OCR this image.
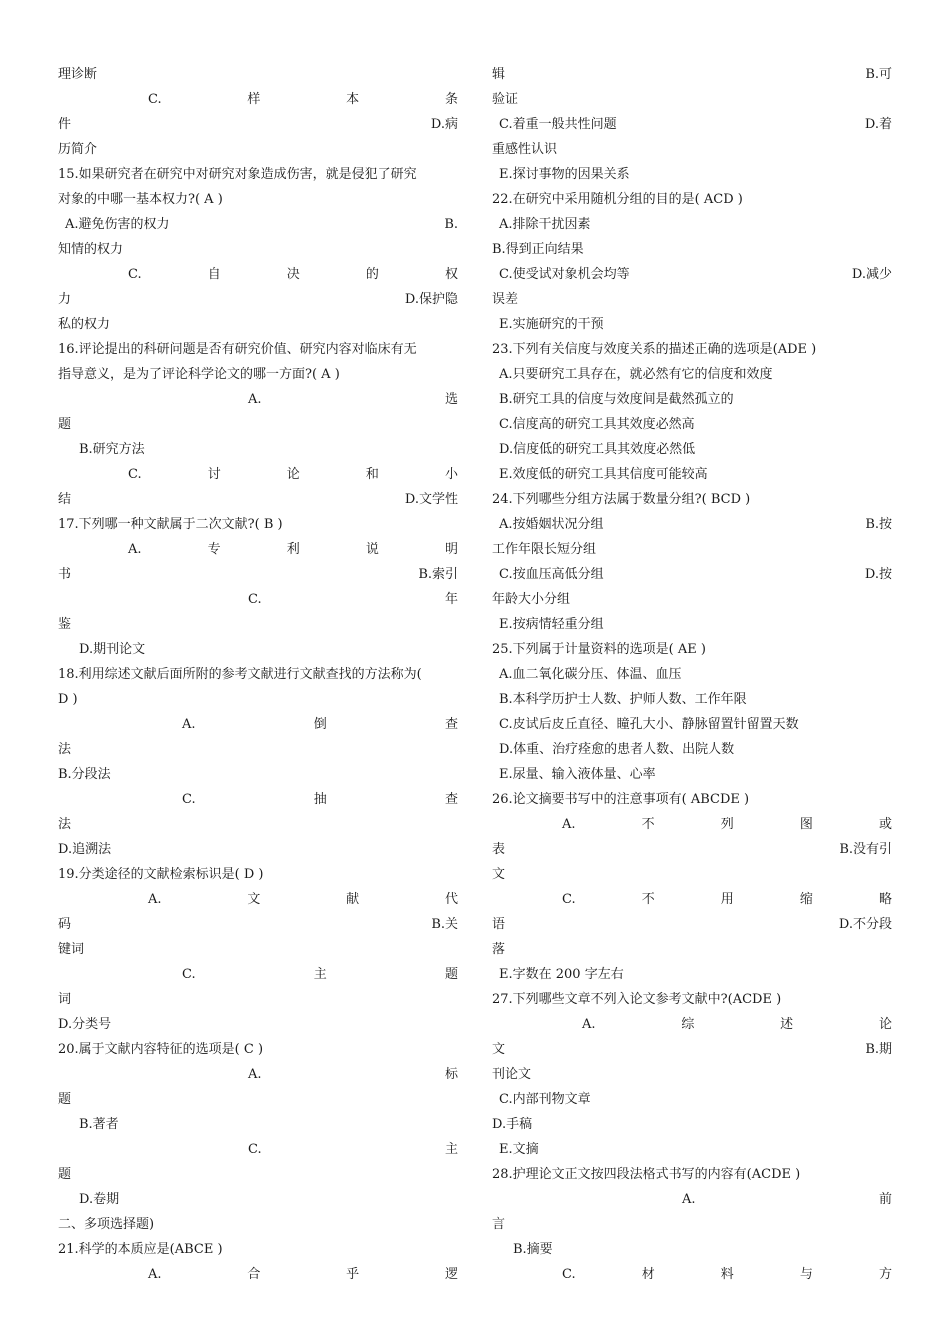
理诊断
C.	样	本	条
件	D.病
历简介
15.如果研究者在研究中对研究对象造成伤害，就是侵犯了研究
对象的中哪一基本权力?( A )
A.避免伤害的权力	B.
知情的权力
C.	自	决	的	权
力	D.保护隐
私的权力
16.评论提出的科研问题是否有研究价值、研究内容对临床有无
指导意义，是为了评论科学论文的哪一方面?( A )
A.	选
题
B.研究方法
C.	讨	论	和	小
结	D.文学性
17.下列哪一种文献属于二次文献?( B )
A.	专	利	说	明
书	B.索引
C.	年
鉴
D.期刊论文
18.利用综述文献后面所附的参考文献进行文献查找的方法称为(
D )
A.	倒	查
法
B.分段法
C.	抽	查
法
D.追溯法
19.分类途径的文献检索标识是( D )
A.	文	献	代
码	B.关
键词
C.	主	题
词
D.分类号
20.属于文献内容特征的选项是( C )
A.	标
题
B.著者
C.	主
题
D.卷期
二、多项选择题)
21.科学的本质应是(ABCE )
A.	合	乎	逻
辑	B.可
验证
C.着重一般共性问题	D.着
重感性认识
E.探讨事物的因果关系
22.在研究中采用随机分组的目的是( ACD )
A.排除干扰因素
B.得到正向结果
C.使受试对象机会均等	D.减少
误差
E.实施研究的干预
23.下列有关信度与效度关系的描述正确的选项是(ADE )
A.只要研究工具存在，就必然有它的信度和效度
B.研究工具的信度与效度间是截然孤立的
C.信度高的研究工具其效度必然高
D.信度低的研究工具其效度必然低
E.效度低的研究工具其信度可能较高
24.下列哪些分组方法属于数量分组?( BCD )
A.按婚姻状况分组	B.按
工作年限长短分组
C.按血压高低分组	D.按
年龄大小分组
E.按病情轻重分组
25.下列属于计量资料的选项是( AE )
A.血二氧化碳分压、体温、血压
B.本科学历护士人数、护师人数、工作年限
C.皮试后皮丘直径、瞳孔大小、静脉留置针留置天数
D.体重、治疗痊愈的患者人数、出院人数
E.尿量、输入液体量、心率
26.论文摘要书写中的注意事项有( ABCDE )
A.	不	列	图	或
表	B.没有引
文
C.	不	用	缩	略
语	D.不分段
落
E.字数在 200 字左右
27.下列哪些文章不列入论文参考文献中?(ACDE )
A.	综	述	论
文	B.期
刊论文
C.内部刊物文章
D.手稿
E.文摘
28.护理论文正文按四段法格式书写的内容有(ACDE )
A.	前
言
B.摘要
C.	材	料	与	方
